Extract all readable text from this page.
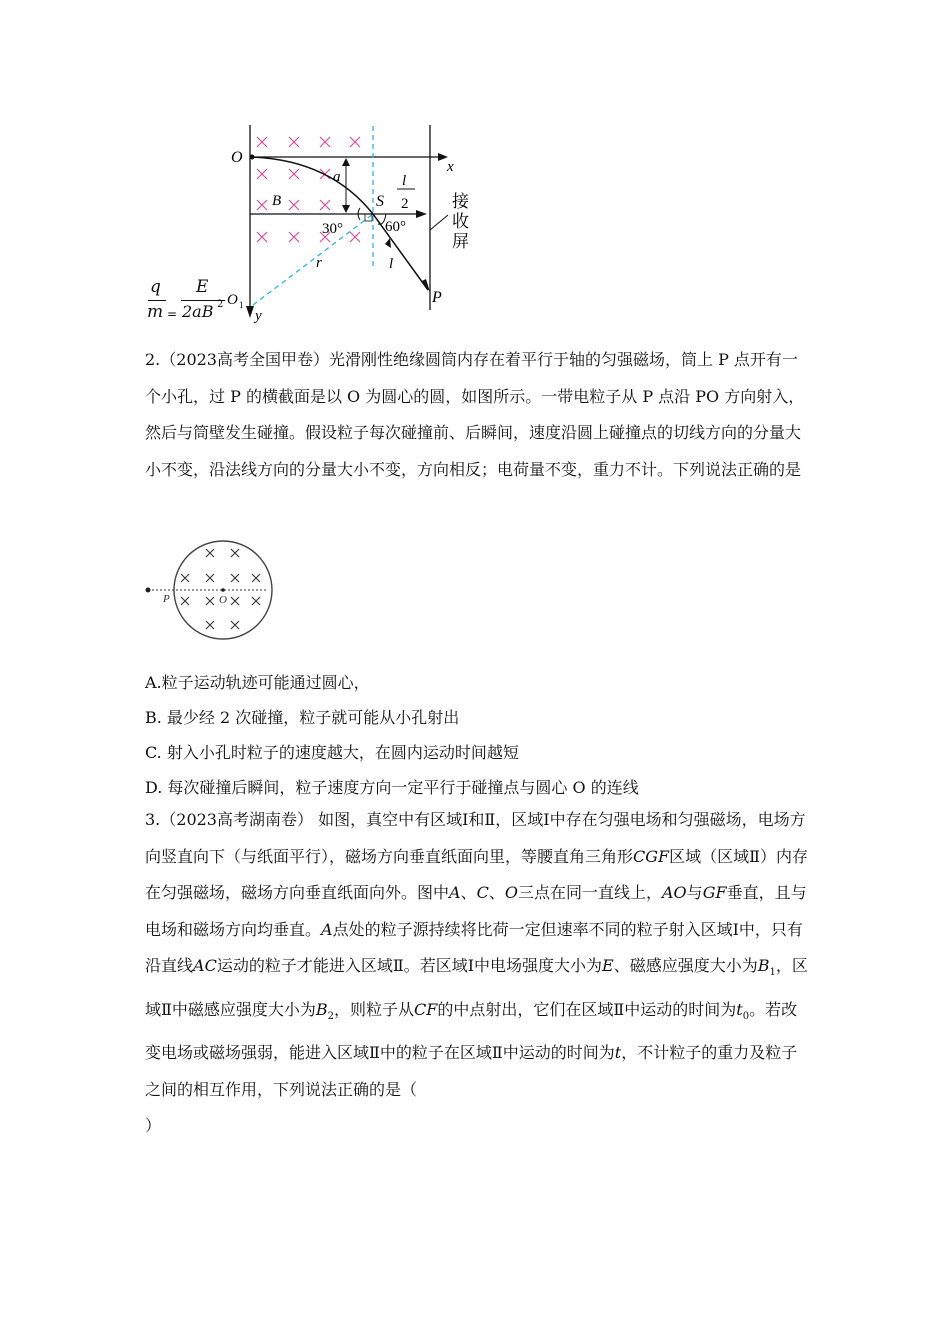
O
x
a
B	S
l
2
30°	60°
r	l
P
O 1
y
接
收
屏
q
m =
E
2aB 2
2.（2023高考全国甲卷）光滑刚性绝缘圆筒内存在着平行于轴的匀强磁场，筒上 P 点开有一个小孔，过 P 的横截面是以 O 为圆心的圆，如图所示。一带电粒子从 P 点沿 PO 方向射入，然后与筒壁发生碰撞。假设粒子每次碰撞前、后瞬间，速度沿圆上碰撞点的切线方向的分量大小不变，沿法线方向的分量大小不变，方向相反；电荷量不变，重力不计。下列说法正确的是
P	O
A.粒子运动轨迹可能通过圆心，
B. 最少经 2 次碰撞，粒子就可能从小孔射出
C. 射入小孔时粒子的速度越大，在圆内运动时间越短
D. 每次碰撞后瞬间，粒子速度方向一定平行于碰撞点与圆心 O 的连线
3.（2023高考湖南卷） 如图，真空中有区域Ⅰ和Ⅱ，区域Ⅰ中存在匀强电场和匀强磁场，电场方向竖直向下（与纸面平行），磁场方向垂直纸面向里，等腰直角三角形CGF区域（区域Ⅱ）内存在匀强磁场，磁场方向垂直纸面向外。图中A、C、O三点在同一直线上，AO与GF垂直，且与电场和磁场方向均垂直。A点处的粒子源持续将比荷一定但速率不同的粒子射入区域Ⅰ中，只有沿直线AC运动的粒子才能进入区域Ⅱ。若区域Ⅰ中电场强度大小为E、磁感应强度大小为$B_1$，区域Ⅱ中磁感应强度大小为$B_2$，则粒子从CF的中点射出，它们在区域Ⅱ中运动的时间为$t_0$。若改变电场或磁场强弱，能进入区域Ⅱ中的粒子在区域Ⅱ中运动的时间为t，不计粒子的重力及粒子之间的相互作用，下列说法正确的是（
）
